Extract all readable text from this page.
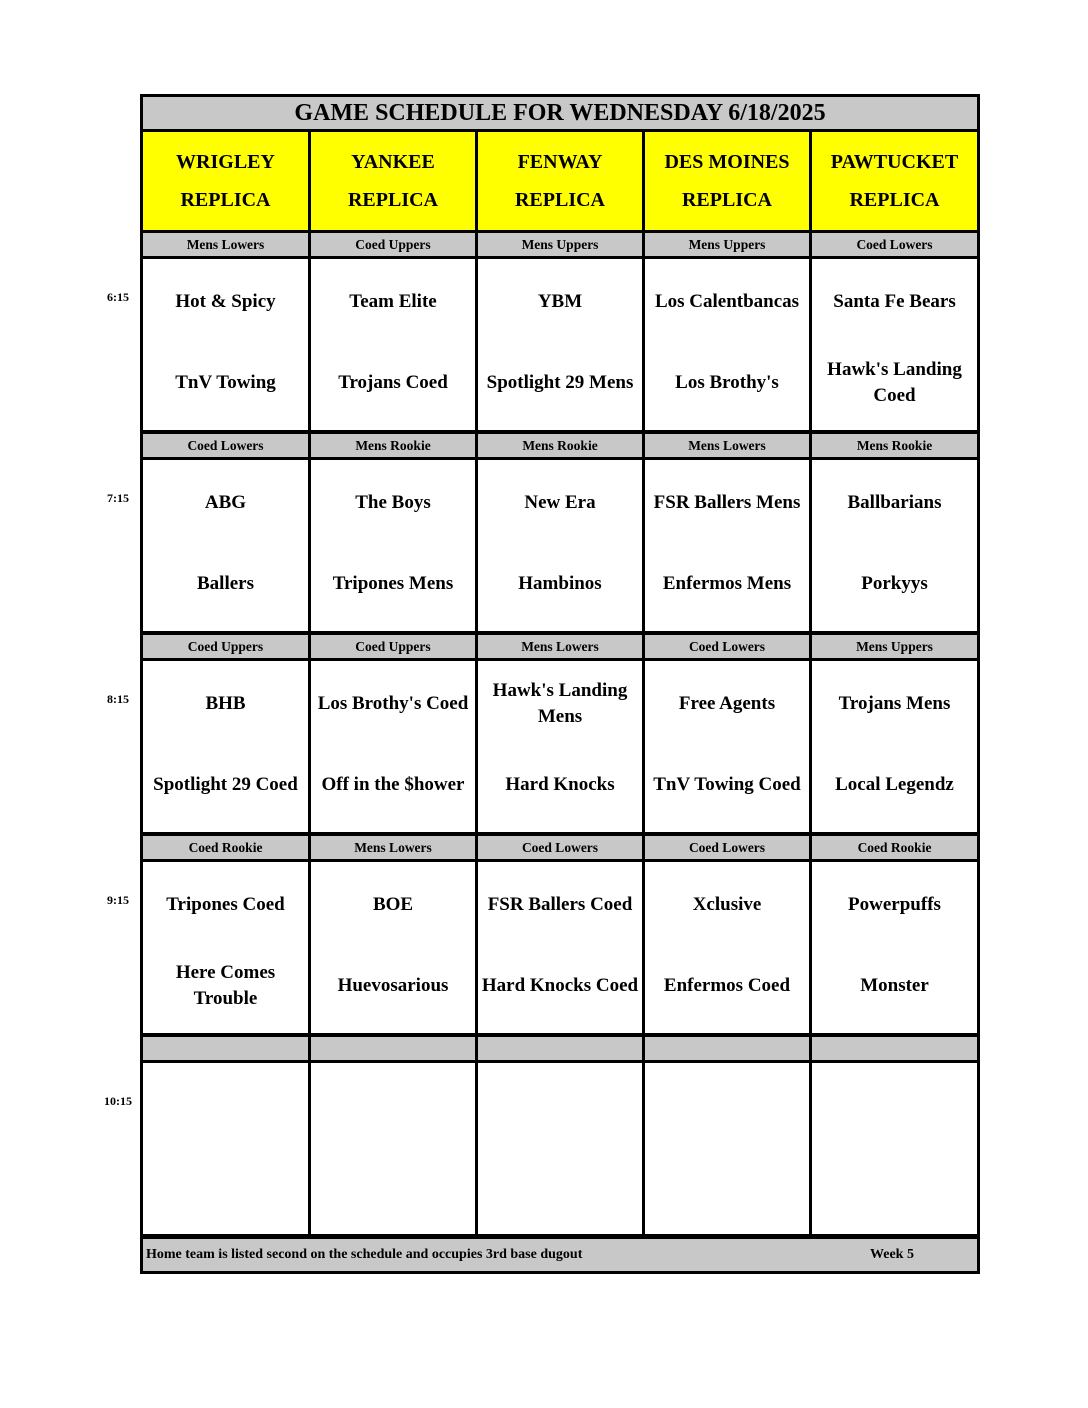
GAME SCHEDULE FOR WEDNESDAY 6/18/2025
WRIGLEY
REPLICA
YANKEE
REPLICA
FENWAY
REPLICA
DES MOINES
REPLICA
PAWTUCKET
REPLICA
6:15
Mens Lowers
Hot & Spicy
TnV Towing
Coed Uppers
Team Elite
Trojans Coed
Mens Uppers
YBM
Spotlight 29 Mens
Mens Uppers
Los Calentbancas
Los Brothy's
Coed Lowers
Santa Fe Bears
Hawk's Landing Coed
7:15
Coed Lowers
ABG
Ballers
Mens Rookie
The Boys
Tripones Mens
Mens Rookie
New Era
Hambinos
Mens Lowers
FSR Ballers Mens
Enfermos Mens
Mens Rookie
Ballbarians
Porkyys
8:15
Coed Uppers
BHB
Spotlight 29 Coed
Coed Uppers
Los Brothy's Coed
Off in the $hower
Mens Lowers
Hawk's Landing Mens
Hard Knocks
Coed Lowers
Free Agents
TnV Towing Coed
Mens Uppers
Trojans Mens
Local Legendz
9:15
Coed Rookie
Tripones Coed
Here Comes Trouble
Mens Lowers
BOE
Huevosarious
Coed Lowers
FSR Ballers Coed
Hard Knocks Coed
Coed Lowers
Xclusive
Enfermos Coed
Coed Rookie
Powerpuffs
Monster
10:15
Home team is listed second on the schedule and occupies 3rd base dugout	Week 5
